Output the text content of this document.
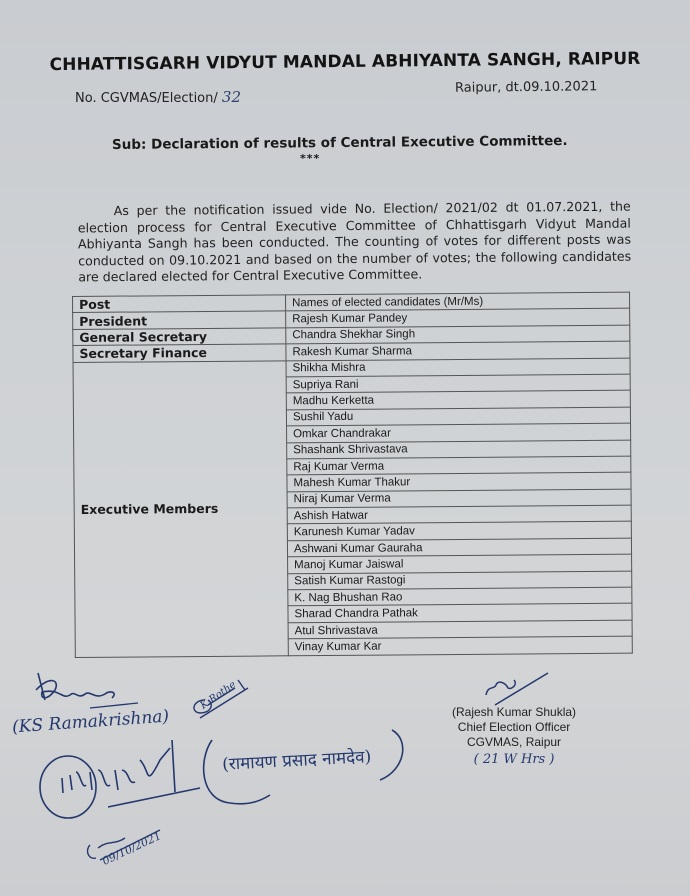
CHHATTISGARH VIDYUT MANDAL ABHIYANTA SANGH, RAIPUR
No. CGVMAS/Election/ 32
Raipur, dt.09.10.2021
Sub: Declaration of results of Central Executive Committee.
***
As per the notification issued vide No. Election/ 2021/02 dt 01.07.2021, the election process for Central Executive Committee of Chhattisgarh Vidyut Mandal Abhiyanta Sangh has been conducted. The counting of votes for different posts was conducted on 09.10.2021 and based on the number of votes; the following candidates are declared elected for Central Executive Committee.
Post	Names of elected candidates (Mr/Ms)
President	Rajesh Kumar Pandey
General Secretary	Chandra Shekhar Singh
Secretary Finance	Rakesh Kumar Sharma
Executive Members	Shikha Mishra
	Supriya Rani
	Madhu Kerketta
	Sushil Yadu
	Omkar Chandrakar
	Shashank Shrivastava
	Raj Kumar Verma
	Mahesh Kumar Thakur
	Niraj Kumar Verma
	Ashish Hatwar
	Karunesh Kumar Yadav
	Ashwani Kumar Gauraha
	Manoj Kumar Jaiswal
	Satish Kumar Rastogi
	K. Nag Bhushan Rao
	Sharad Chandra Pathak
	Atul Shrivastava
	Vinay Kumar Kar
(KS Ramakrishna)
K Rothe
(रामायण प्रसाद नामदेव)
09/10/2021
(Rajesh Kumar Shukla)
Chief Election Officer
CGVMAS, Raipur
( 21 W Hrs )
